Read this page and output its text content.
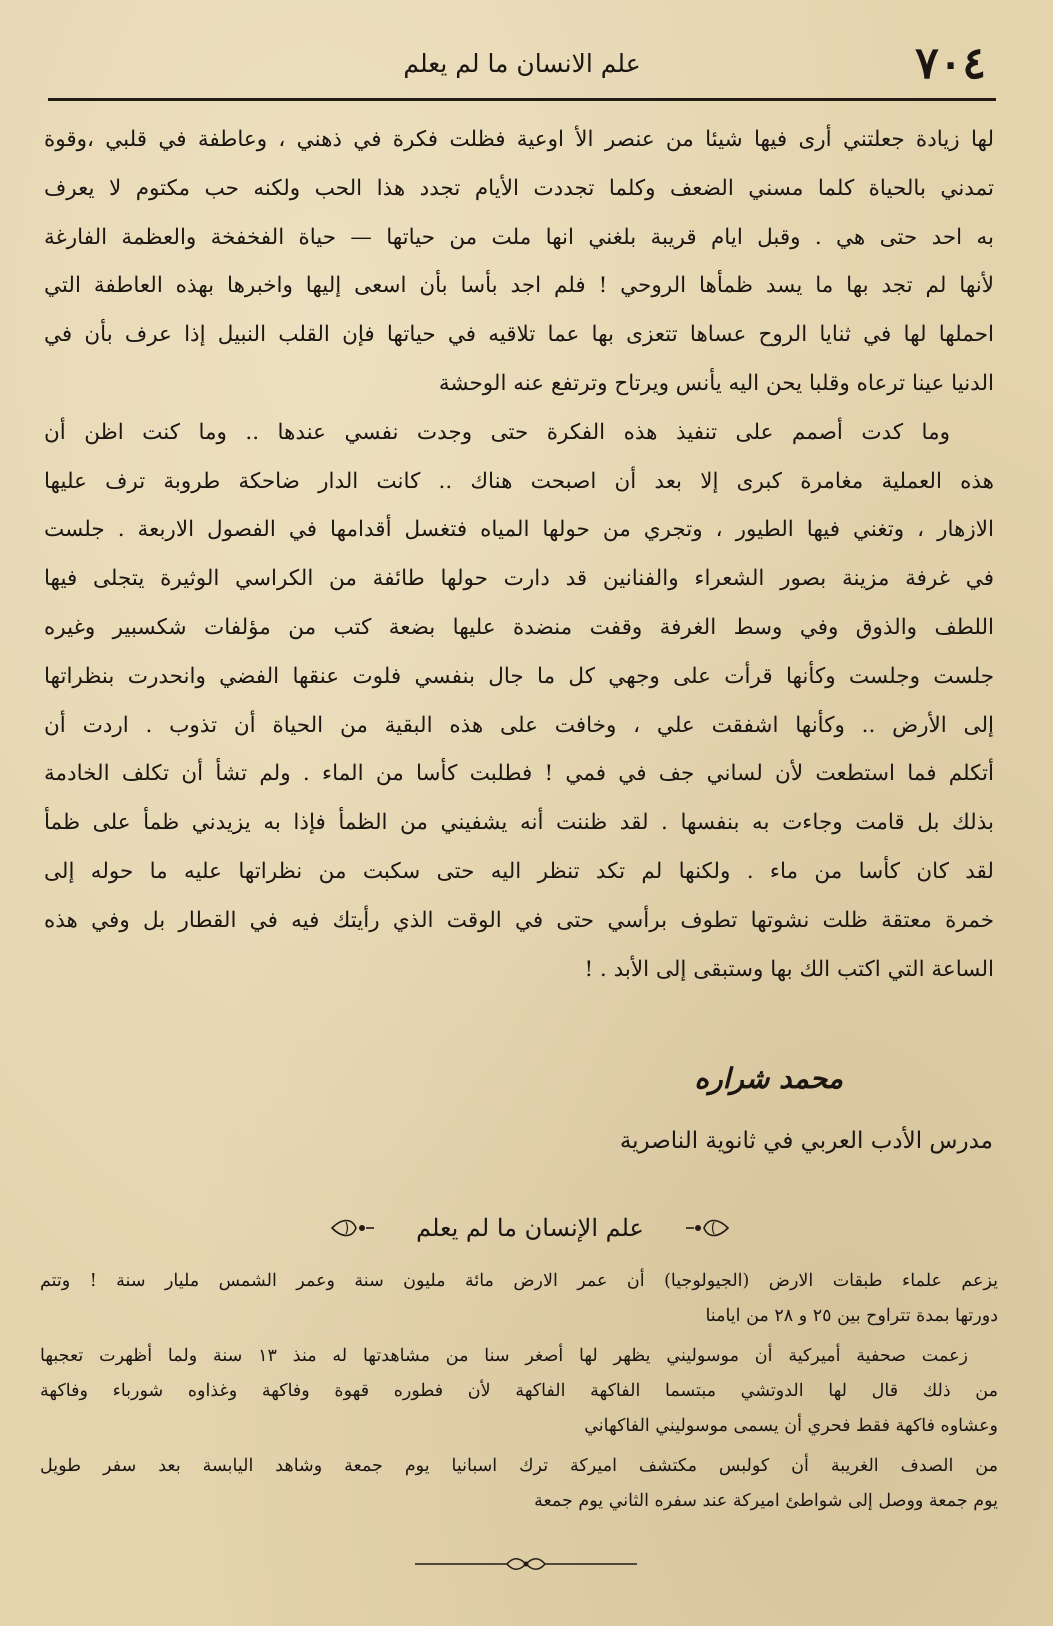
٧٠٤
علم الانسان ما لم يعلم

لها زيادة جعلتني أرى فيها شيئا من عنصر الأ اوعية فظلت فكرة في ذهني ، وعاطفة في قلبي ،وقوة
تمدني بالحياة كلما مسني الضعف وكلما تجددت الأيام تجدد هذا الحب ولكنه حب مكتوم لا يعرف
به احد حتى هي . وقبل ايام قريبة بلغني انها ملت من حياتها — حياة الفخفخة والعظمة الفارغة
لأنها لم تجد بها ما يسد ظمأها الروحي ! فلم اجد بأسا بأن اسعى إليها واخبرها بهذه العاطفة التي
احملها لها في ثنايا الروح عساها تتعزى بها عما تلاقيه في حياتها فإن القلب النبيل إذا عرف بأن في
الدنيا عينا ترعاه وقلبا يحن اليه يأنس ويرتاح وترتفع عنه الوحشة

وما كدت أصمم على تنفيذ هذه الفكرة حتى وجدت نفسي عندها .. وما كنت اظن أن
هذه العملية مغامرة كبرى إلا بعد أن اصبحت هناك .. كانت الدار ضاحكة طروبة ترف عليها
الازهار ، وتغني فيها الطيور ، وتجري من حولها المياه فتغسل أقدامها في الفصول الاربعة . جلست
في غرفة مزينة بصور الشعراء والفنانين قد دارت حولها طائفة من الكراسي الوثيرة يتجلى فيها
اللطف والذوق وفي وسط الغرفة وقفت منضدة عليها بضعة كتب من مؤلفات شكسبير وغيره
جلست وجلست وكأنها قرأت على وجهي كل ما جال بنفسي فلوت عنقها الفضي وانحدرت بنظراتها
إلى الأرض .. وكأنها اشفقت علي ، وخافت على هذه البقية من الحياة أن تذوب . اردت أن
أتكلم فما استطعت لأن لساني جف في فمي ! فطلبت كأسا من الماء . ولم تشأ أن تكلف الخادمة
بذلك بل قامت وجاءت به بنفسها . لقد ظننت أنه يشفيني من الظمأ فإذا به يزيدني ظمأ على ظمأ
لقد كان كأسا من ماء . ولكنها لم تكد تنظر اليه حتى سكبت من نظراتها عليه ما حوله إلى
خمرة معتقة ظلت نشوتها تطوف برأسي حتى في الوقت الذي رأيتك فيه في القطار بل وفي هذه
الساعة التي اكتب الك بها وستبقى إلى الأبد . !

محمد شراره
مدرس الأدب العربي في ثانوية الناصرية
علم الإنسان ما لم يعلم

يزعم علماء طبقات الارض (الجيولوجيا) أن عمر الارض مائة مليون سنة وعمر الشمس مليار سنة ! وتتم
دورتها بمدة تتراوح بين ٢٥ و ٢٨ من ايامنا

زعمت صحفية أميركية أن موسوليني يظهر لها أصغر سنا من مشاهدتها له منذ ١٣ سنة ولما أظهرت تعجبها
من ذلك قال لها الدوتشي مبتسما الفاكهة الفاكهة لأن فطوره قهوة وفاكهة وغذاوه شورباء وفاكهة
وعشاوه فاكهة فقط فحري أن يسمى موسوليني الفاكهاني

من الصدف الغريبة أن كولبس مكتشف اميركة ترك اسبانيا يوم جمعة وشاهد اليابسة بعد سفر طويل
يوم جمعة ووصل إلى شواطئ اميركة عند سفره الثاني يوم جمعة
